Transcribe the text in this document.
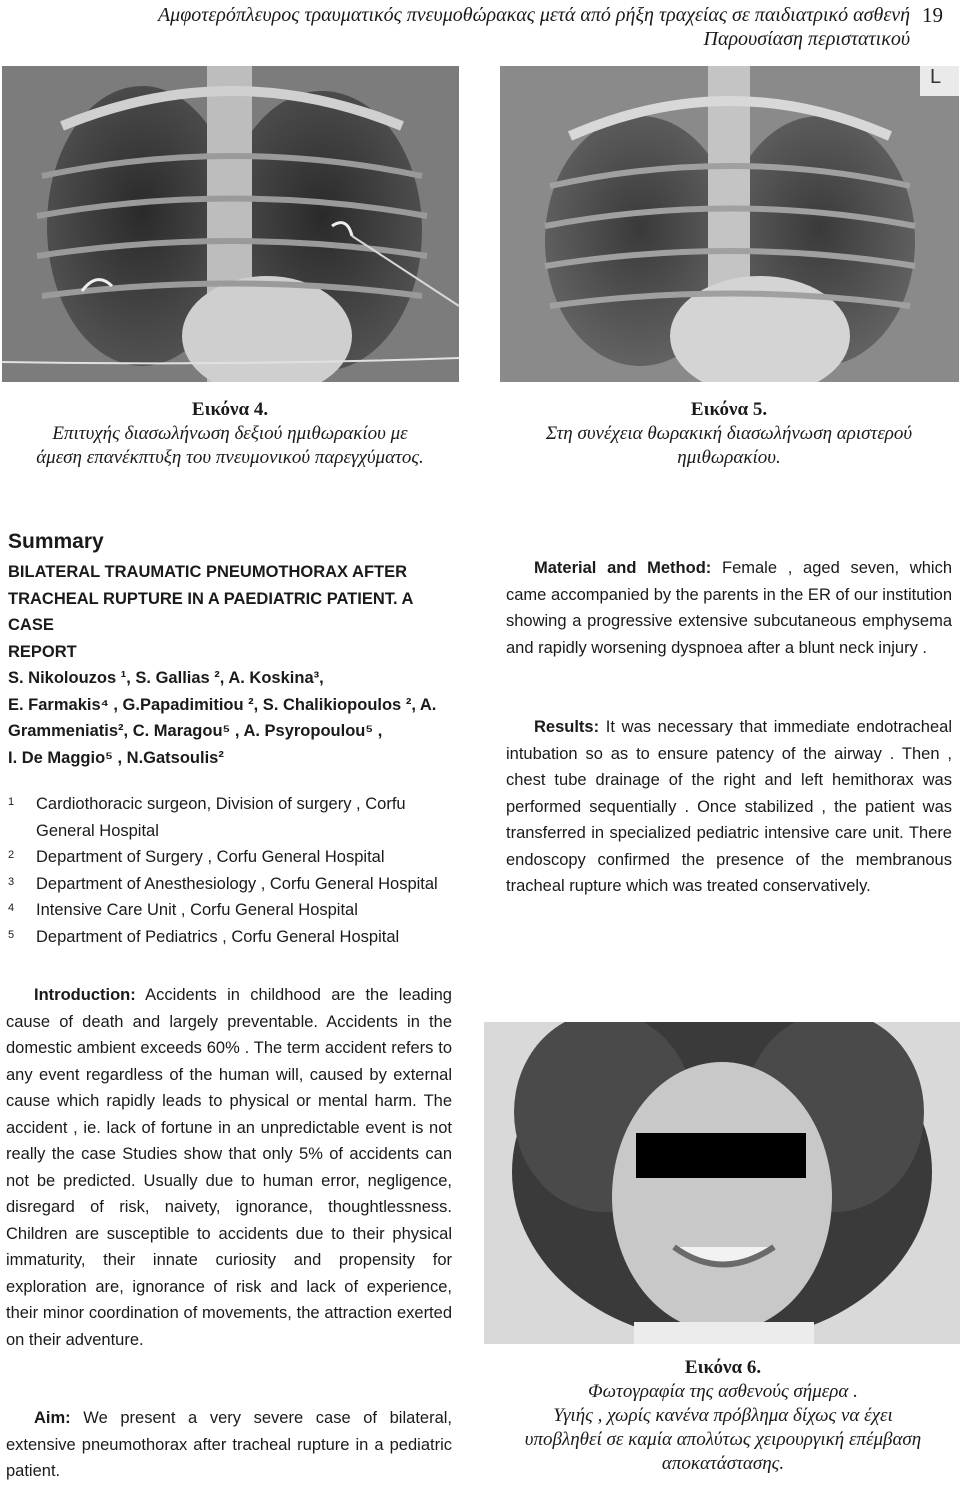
Αμφοτερόπλευρος τραυματικός πνευμοθώρακας μετά από ρήξη τραχείας σε παιδιατρικό ασθενή
Παρουσίαση περιστατικού
19
Εικόνα 4.
Επιτυχής διασωλήνωση δεξιού ημιθωρακίου με
άμεση επανέκπτυξη του πνευμονικού παρεγχύματος.
L
Εικόνα 5.
Στη συνέχεια θωρακική διασωλήνωση αριστερού
ημιθωρακίου.
Summary
BILATERAL TRAUMATIC PNEUMOTHORAX AFTER
TRACHEAL RUPTURE IN A PAEDIATRIC PATIENT. A CASE
REPORT
S. Nikolouzos ¹, S. Gallias ², A. Koskina³,
E. Farmakis⁴ , G.Papadimitiou ², S. Chalikiopoulos ², A.
Grammeniatis², C. Maragou⁵ , A. Psyropoulou⁵ ,
I. De Maggio⁵ , N.Gatsoulis²
1 Cardiothoracic surgeon, Division of surgery , Corfu General Hospital
2 Department of Surgery , Corfu General Hospital
3 Department of Anesthesiology , Corfu General Hospital
4 Intensive Care Unit , Corfu General Hospital
5 Department of Pediatrics , Corfu General Hospital
Material and Method: Female , aged seven, which came accompanied by the parents in the ER of our institution showing a progressive extensive subcutaneous emphysema and rapidly worsening dyspnoea after a blunt neck injury .
Results: It was necessary that immediate endotracheal intubation so as to ensure patency of the airway . Then , chest tube drainage of the right and left hemithorax was performed sequentially . Once stabilized , the patient was transferred in specialized pediatric intensive care unit. There endoscopy confirmed the presence of the membranous tracheal rupture which was treated conservatively.
Introduction: Accidents in childhood are the leading cause of death and largely preventable. Accidents in the domestic ambient exceeds 60% . The term accident refers to any event regardless of the human will, caused by external cause which rapidly leads to physical or mental harm. The accident , ie. lack of fortune in an unpredictable event is not really the case Studies show that only 5% of accidents can not be predicted. Usually due to human error, negligence, disregard of risk, naivety, ignorance, thoughtlessness. Children are susceptible to accidents due to their physical immaturity, their innate curiosity and propensity for exploration are, ignorance of risk and lack of experience, their minor coordination of movements, the attraction exerted on their adventure.
Aim: We present a very severe case of bilateral, extensive pneumothorax after tracheal rupture in a pediatric patient.
Εικόνα 6.
Φωτογραφία της ασθενούς σήμερα .
Υγιής , χωρίς κανένα πρόβλημα δίχως να έχει
υποβληθεί σε καμία απολύτως χειρουργική επέμβαση
αποκατάστασης.
